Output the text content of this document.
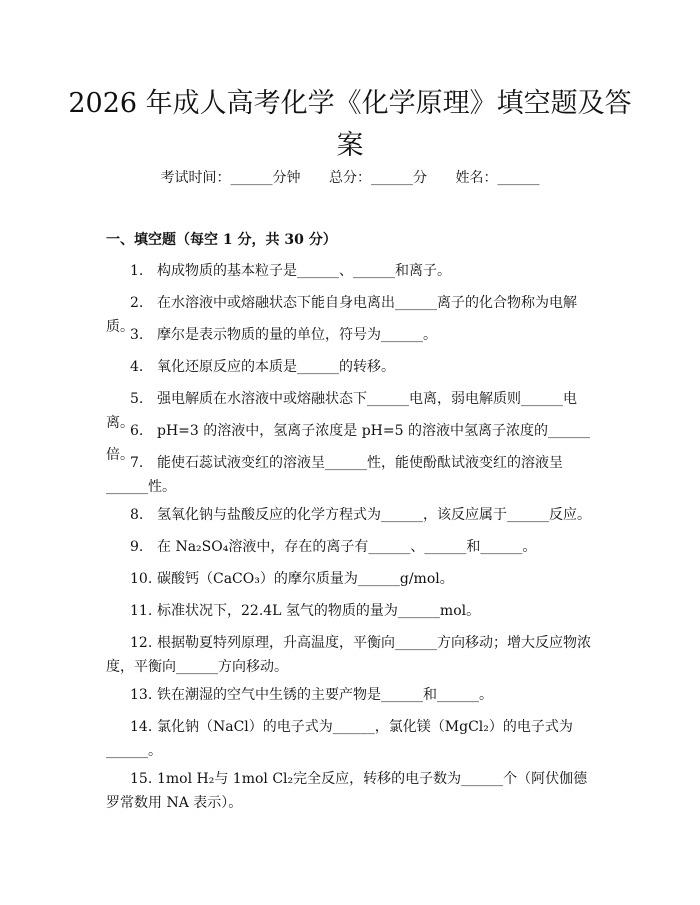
2026 年成人高考化学《化学原理》填空题及答案
考试时间：______分钟 总分：______分 姓名：______
一、填空题（每空 1 分，共 30 分）

1. 构成物质的基本粒子是______、______和离子。

2. 在水溶液中或熔融状态下能自身电离出______离子的化合物称为电解质。

3. 摩尔是表示物质的量的单位，符号为______。

4. 氧化还原反应的本质是______的转移。

5. 强电解质在水溶液中或熔融状态下______电离，弱电解质则______电离。

6. pH=3 的溶液中，氢离子浓度是 pH=5 的溶液中氢离子浓度的______倍。

7. 能使石蕊试液变红的溶液呈______性，能使酚酞试液变红的溶液呈______性。

8. 氢氧化钠与盐酸反应的化学方程式为______，该反应属于______反应。

9. 在 Na₂SO₄溶液中，存在的离子有______、______和______。

10. 碳酸钙（CaCO₃）的摩尔质量为______g/mol。

11. 标准状况下，22.4L 氢气的物质的量为______mol。

12. 根据勒夏特列原理，升高温度，平衡向______方向移动；增大反应物浓度，平衡向______方向移动。

13. 铁在潮湿的空气中生锈的主要产物是______和______。

14. 氯化钠（NaCl）的电子式为______，氯化镁（MgCl₂）的电子式为______。

15. 1mol H₂与 1mol Cl₂完全反应，转移的电子数为______个（阿伏伽德罗常数用 NA 表示）。
